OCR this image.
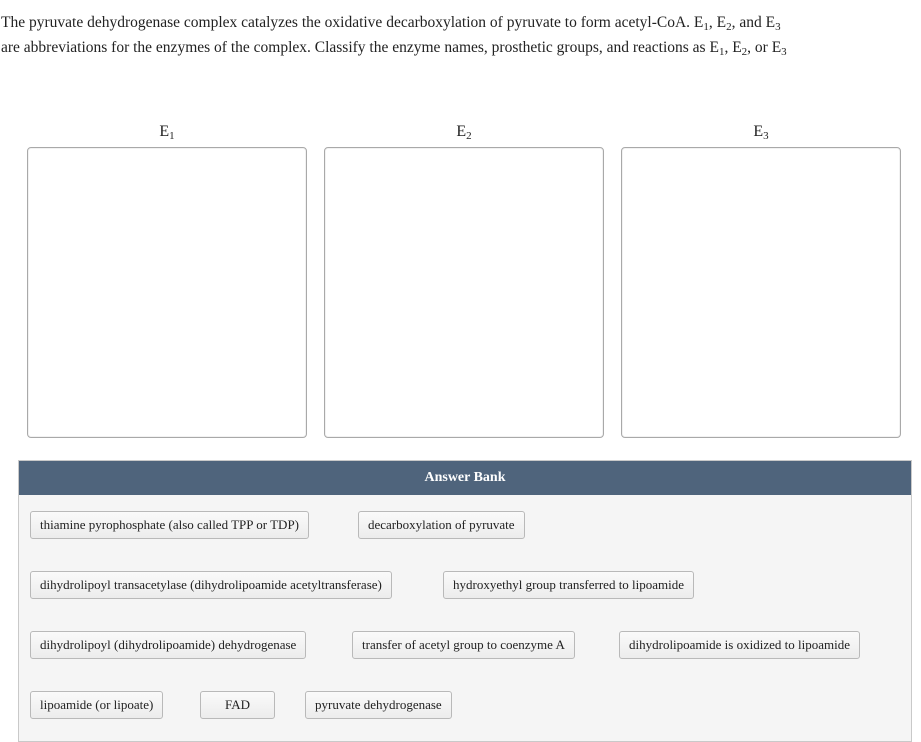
The pyruvate dehydrogenase complex catalyzes the oxidative decarboxylation of pyruvate to form acetyl-CoA. $E_1$, $E_2$, and $E_3$
are abbreviations for the enzymes of the complex. Classify the enzyme names, prosthetic groups, and reactions as $E_1$, $E_2$, or $E_3$
$E_1$	$E_2$	$E_3$
Answer Bank
thiamine pyrophosphate (also called TPP or TDP)	decarboxylation of pyruvate
dihydrolipoyl transacetylase (dihydrolipoamide acetyltransferase)	hydroxyethyl group transferred to lipoamide
dihydrolipoyl (dihydrolipoamide) dehydrogenase	transfer of acetyl group to coenzyme A	dihydrolipoamide is oxidized to lipoamide
lipoamide (or lipoate)	FAD	pyruvate dehydrogenase
